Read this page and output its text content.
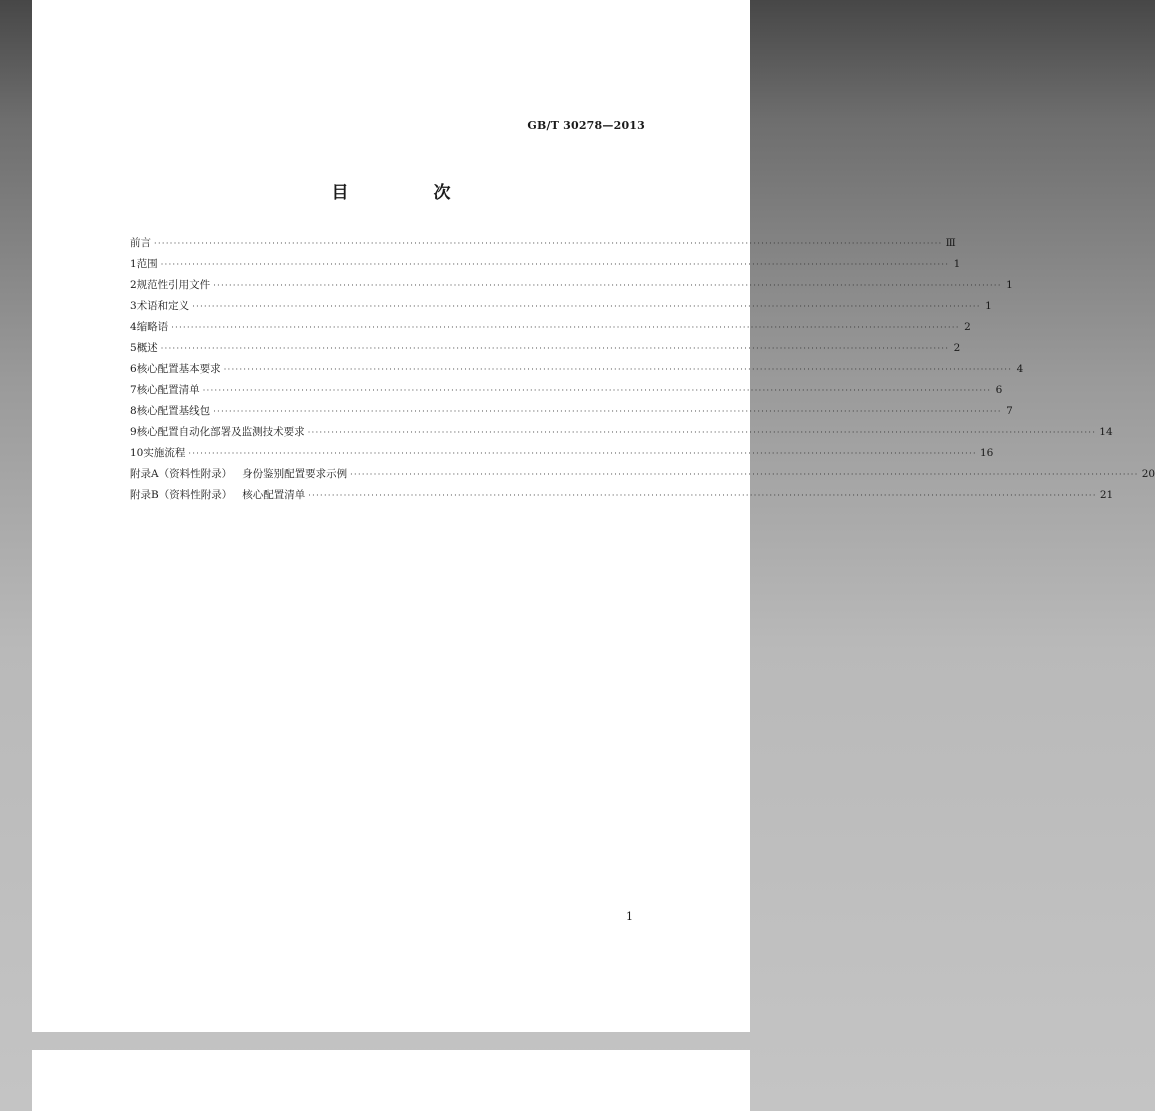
GB/T 30278—2013
目　次
前言 ········································································································································································································ Ⅲ
1 范围 ········································································································································································································ 1
2 规范性引用文件 ········································································································································································································ 1
3 术语和定义 ········································································································································································································ 1
4 缩略语 ········································································································································································································ 2
5 概述 ········································································································································································································ 2
6 核心配置基本要求 ········································································································································································································ 4
7 核心配置清单 ········································································································································································································ 6
8 核心配置基线包 ········································································································································································································ 7
9 核心配置自动化部署及监测技术要求 ········································································································································································································ 14
10 实施流程 ········································································································································································································ 16
附录A（资料性附录） 身份鉴别配置要求示例 ········································································································································································································ 20
附录B（资料性附录） 核心配置清单 ········································································································································································································ 21
1
